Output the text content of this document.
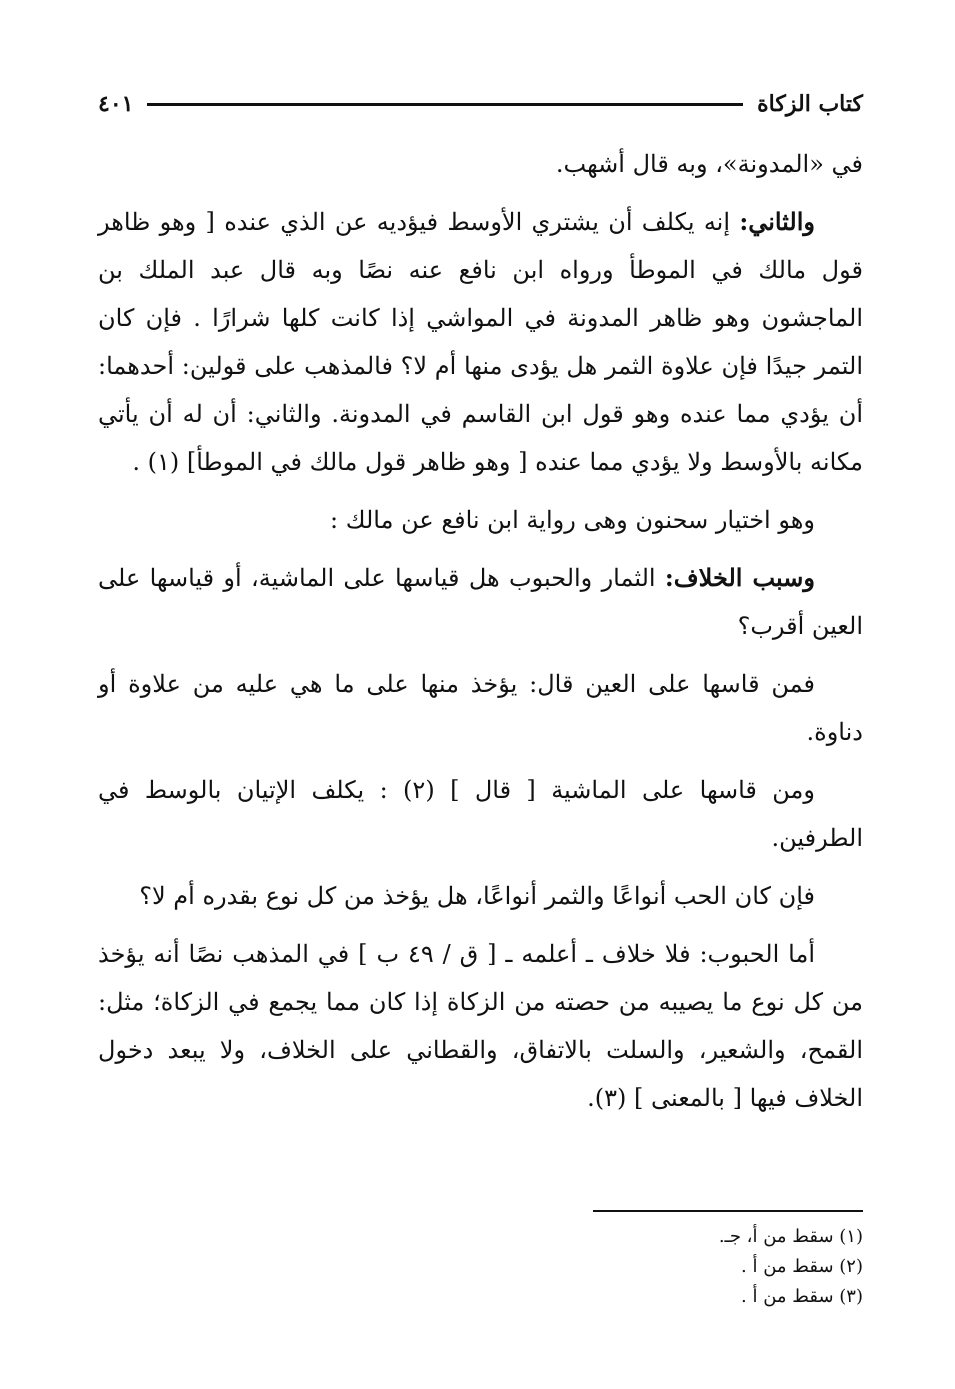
كتاب الزكاة
٤٠١

في «المدونة»، وبه قال أشهب.

والثاني: إنه يكلف أن يشتري الأوسط فيؤديه عن الذي عنده [ وهو ظاهر قول مالك في الموطأ ورواه ابن نافع عنه نصًا وبه قال عبد الملك بن الماجشون وهو ظاهر المدونة في المواشي إذا كانت كلها شرارًا . فإن كان التمر جيدًا فإن علاوة الثمر هل يؤدى منها أم لا؟ فالمذهب على قولين: أحدهما: أن يؤدي مما عنده وهو قول ابن القاسم في المدونة. والثاني: أن له أن يأتي مكانه بالأوسط ولا يؤدي مما عنده [ وهو ظاهر قول مالك في الموطأ] (١) .

وهو اختيار سحنون وهى رواية ابن نافع عن مالك :

وسبب الخلاف: الثمار والحبوب هل قياسها على الماشية، أو قياسها على العين أقرب؟

فمن قاسها على العين قال: يؤخذ منها على ما هي عليه من علاوة أو دناوة.

ومن قاسها على الماشية [ قال ] (٢) : يكلف الإتيان بالوسط في الطرفين.

فإن كان الحب أنواعًا والثمر أنواعًا، هل يؤخذ من كل نوع بقدره أم لا؟

أما الحبوب: فلا خلاف ـ أعلمه ـ [ ق / ٤٩ ب ] في المذهب نصًا أنه يؤخذ من كل نوع ما يصيبه من حصته من الزكاة إذا كان مما يجمع في الزكاة؛ مثل: القمح، والشعير، والسلت بالاتفاق، والقطاني على الخلاف، ولا يبعد دخول الخلاف فيها [ بالمعنى ] (٣).

(١) سقط من أ، جـ.
(٢) سقط من أ .
(٣) سقط من أ .
